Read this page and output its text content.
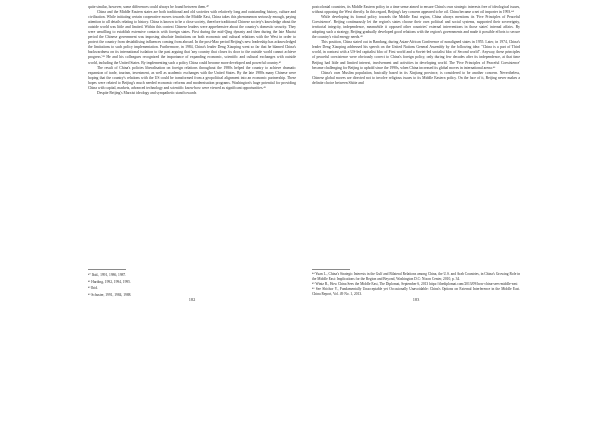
quite similar, however, some differences could always be found between them.⁴⁰

China and the Middle Eastern states are both traditional and old societies with relatively long and outstanding history, culture and civilisation. While initiating certain cooperative moves towards the Middle East, China takes this phenomenon seriously enough, paying attention to all details relating to history. China is known to be a close society, therefore traditional Chinese society's knowledge about the outside world was little and limited. Within this context Chinese leaders were apprehensive about the country's domestic security. They were unwilling to establish extensive contacts with foreign states. First during the mid-Qing dynasty and then during the late Maoist period the Chinese government was imposing absolute limitations on both economic and cultural relations with the West in order to protect the country from destabilising influences coming from abroad. In the post-Mao period Beijing's new leadership has acknowledged the limitations to such policy implementation. Furthermore, in 1984, China's leader Deng Xiaoping went so far that he blamed China's backwardness on its international isolation to the past arguing that 'any country that closes its door to the outside world cannot achieve progress.'⁴¹ He and his colleagues recognized the importance of expanding economic, scientific and cultural exchanges with outside world, including the United States. By implementing such a policy China could become more developed and powerful country.⁴²

The result of China's policies liberalisation on foreign relations throughout the 1980s helped the country to achieve dramatic expansion of trade, tourism, investment, as well as academic exchanges with the United States. By the late 1980s many Chinese were hoping that the country's relations with the US could be transformed from a geopolitical alignment into an economic partnership. These hopes were related to Beijing's much needed economic reforms and modernisation programs. Washington's huge potential for providing China with capital, markets, advanced technology and scientific know-how were viewed as significant opportunities.⁴³

Despite Beijing's Marxist ideology and sympathetic stand towards

⁴⁰ Ibid., 1991, 1986, 1987.
⁴¹ Harding, 1992, 1994, 1995.
⁴² Ibid.
⁴³ Schuster, 1991, 1984, 1988.
182

postcolonial countries, its Middle Eastern policy in a time sense aimed to ensure China's own strategic interests free of ideological issues, without opposing the West directly. In this regard, Beijing's key concern appeared to be oil. China became a net oil importer in 1993.⁴⁴

While developing its formal policy towards the Middle East region, China always mentions its 'Five Principles of Peaceful Coexistence'. Beijing continuously let the region's states choose their own political and social systems, supported their sovereignty, territorial integrity, independence, meanwhile it opposed other countries' external interventions in those states' internal affairs. By adopting such a strategy, Beijing gradually developed good relations with the region's governments and made it possible efforts to secure the country's vital energy needs.⁴⁵

This position, China stated out in Bandung, during Asian-African Conference of nonaligned states in 1955. Later, in 1974, China's leader Deng Xiaoping addressed his speech on the United Nations General Assembly by the following idea: "China is a part of Third world, in contrast with a US-led capitalist bloc of First world and a Soviet-led socialist bloc of Second world". Anyway, these principles of peaceful coexistence were obviously correct to China's foreign policy, only during few decades after its independence, at that time Beijing had little and limited interest, involvement and activities in developing world. The 'Five Principles of Peaceful Coexistence' became challenging for Beijing to uphold since the 1990s, when China increased its global moves in international arena.⁴⁶

China's own Muslim population, basically based in its Xinjiang province, is considered to be another concern. Nevertheless, Chinese global moves are directed not to involve religious issues to its Middle Eastern policy. On the face of it, Beijing never makes a definite choice between Shiite and

⁴⁴ Yuan L., China's Strategic Interests in the Gulf and Bilateral Relations among China, the U.S. and Arab Countries, in China's Growing Role in the Middle East: Implications for the Region and Beyond, Washington D.C: Nixon Center, 2010, p. 34.
⁴⁵ Wintz R., How China Sees the Middle East, The Diplomat, September 6, 2013 https://thediplomat.com/2013/09/how-china-sees-middle-east
⁴⁶ See Shichor Y., Fundamentally Unacceptable yet Occasionally Unavoidable: China's Options on External Interference in the Middle East. China Report, Vol. 49 No. 1, 2013.
183
